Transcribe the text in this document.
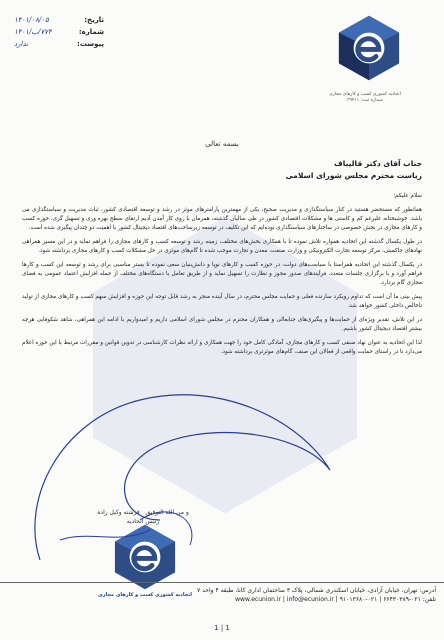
اتحادیه کشوری کسب و کارهای مجازی
شماره ثبت: ۳۹۴۱۱
تاریخ:
۱۴۰۱/۰۸/۰۵
شماره:
۷۷۴/ب/۱۴۰۱
پیوست:
ندارد
بسمه تعالی
جناب آقای دکتر قالیباف
ریاست محترم مجلس شورای اسلامی

سلام علیکم؛

همانطور که مستحضر هستید در کنار سیاستگذاری و مدیریت صحیح، یکی از مهمترین پارامترهای موثر در رشد و توسعه اقتصادی کشور، ثبات مدیریت و سیاستگذاری می باشد. خوشبختانه علیرغم کم و کاستی ها و مشکلات اقتصادی کشور در طی سالیان گذشته، همزمان با روی کار آمدن آدیم ارتقای سطح بهره وری و تسهیل گری، حوزه کسب و کارهای مجازی در بخش خصوصی در ساختارهای سیاستگذاری بوده‌ایم که این تکلیف در توسعه زیرساخت‌های اقتصاد دیجیتال کشور با اهمیت دو چندان پیگیری شده است.

در طول یکسال گذشته این اتحادیه همواره تلاش نموده تا با همکاری بخش‌های مختلف، زمینه رشد و توسعه کسب و کارهای مجازی را فراهم نماید و در این مسیر همراهی نهادهای حاکمیتی، مرکز توسعه تجارت الکترونیکی و وزارت صنعت، معدن و تجارت موجب شده تا گام‌های موثری در حل مشکلات کسب و کارهای مجازی برداشته شود.

در یکسال گذشته این اتحادیه همراستا با سیاست‌های دولت، در حوزه کسب و کارهای نوپا و دانش‌بنیان سعی نموده تا بستر مناسبی برای رشد و توسعه این کسب و کارها فراهم آورد و با برگزاری جلسات متعدد، فرآیندهای صدور مجوز و نظارت را تسهیل نماید و از طریق تعامل با دستگاه‌های مختلف از جمله افزایش اعتماد عمومی به فضای مجازی گام بردارد.

پیش بینی ما آن است که تداوم رویکرد سازنده فعلی و حمایت مجلس محترم، در سال آینده منجر به رشد قابل توجه این حوزه و افزایش سهم کسب و کارهای مجازی از تولید ناخالص داخلی کشور خواهد شد.

در این تلاش، تقدیر ویژه‌ای از حمایت‌ها و پیگیری‌های جنابعالی و همکاران محترم در مجلس شورای اسلامی داریم و امیدواریم با ادامه این همراهی، شاهد شکوفایی هرچه بیشتر اقتصاد دیجیتال کشور باشیم.

لذا این اتحادیه به عنوان نهاد صنفی کسب و کارهای مجازی، آمادگی کامل خود را جهت همکاری و ارائه نظرات کارشناسی در تدوین قوانین و مقررات مرتبط با این حوزه اعلام می‌دارد تا در راستای حمایت واقعی از فعالان این صنف، گام‌های موثرتری برداشته شود.

و من الله التوفیق   فرشته وکیل زاده
رئیس اتحادیه
اتحادیه کشوری کسب و کارهای مجازی
آدرس: تهران، خیابان آزادی، خیابان اسکندری شمالی، پلاک ۳ ساختمان اداری کانا، طبقه ۴ واحد ۷
تلفن: ۰۲۱-۶۶۴۳۰۳۸۹ | ۰۲۱-۹۱۰۱۳۶۸۰ | www.ecunion.ir | info@ecunion.ir
1 | 1
